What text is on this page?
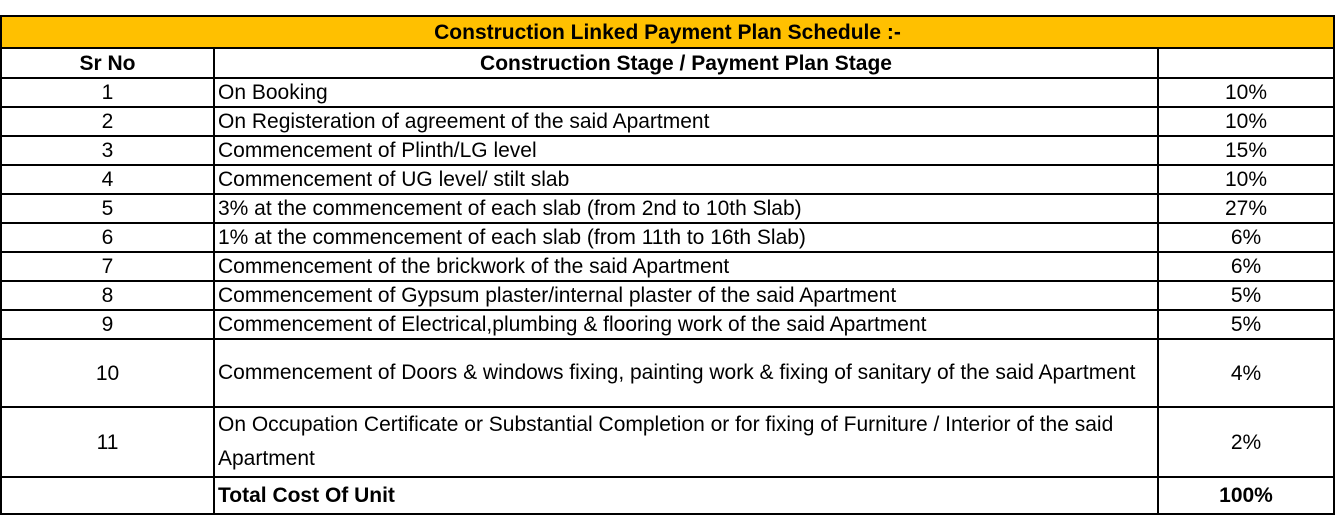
Construction Linked Payment Plan Schedule :-		
Sr No	Construction Stage / Payment Plan Stage	
1	On Booking	10%
2	On Registeration of agreement of the said Apartment	10%
3	Commencement of Plinth/LG level	15%
4	Commencement of UG level/ stilt slab	10%
5	3% at the commencement of each slab (from 2nd to 10th Slab)	27%
6	1% at the commencement of each slab (from 11th to 16th Slab)	6%
7	Commencement of the brickwork of the said Apartment	6%
8	Commencement of Gypsum plaster/internal plaster of the said Apartment	5%
9	Commencement of Electrical,plumbing & flooring work of the said Apartment	5%
10	Commencement of Doors & windows fixing, painting work & fixing of sanitary of the said Apartment	4%
11	On Occupation Certificate or Substantial Completion or for fixing of Furniture / Interior of the said Apartment	2%
	Total Cost Of Unit	100%
